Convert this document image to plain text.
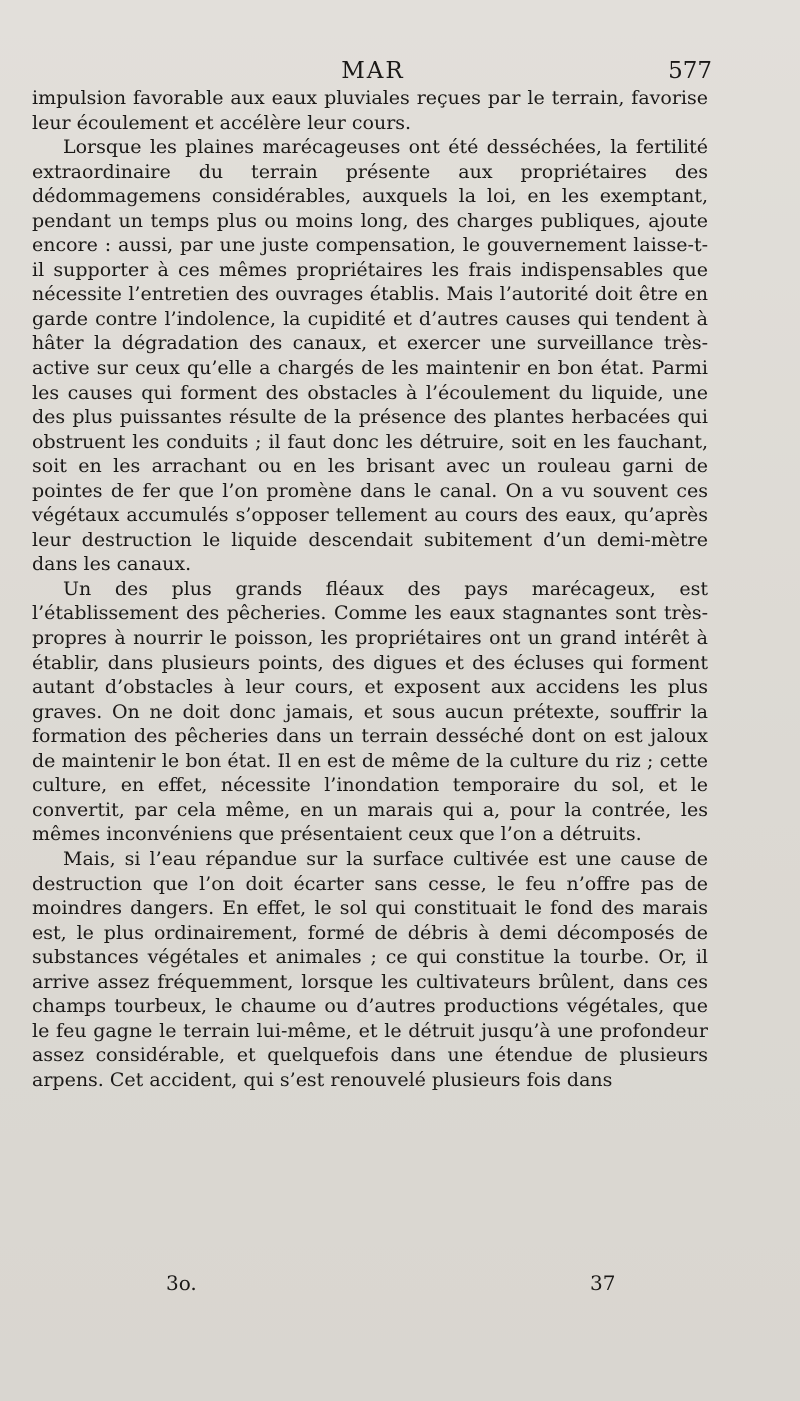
MAR	577

impulsion favorable aux eaux pluviales reçues par le terrain, favorise leur écoulement et accélère leur cours.

Lorsque les plaines marécageuses ont été desséchées, la fertilité extraordinaire du terrain présente aux propriétaires des dédommagemens considérables, auxquels la loi, en les exemptant, pendant un temps plus ou moins long, des charges publiques, ajoute encore : aussi, par une juste compensation, le gouvernement laisse-t-il supporter à ces mêmes propriétaires les frais indispensables que nécessite l’entretien des ouvrages établis. Mais l’autorité doit être en garde contre l’indolence, la cupidité et d’autres causes qui tendent à hâter la dégradation des canaux, et exercer une surveillance très-active sur ceux qu’elle a chargés de les maintenir en bon état. Parmi les causes qui forment des obstacles à l’écoulement du liquide, une des plus puissantes résulte de la présence des plantes herbacées qui obstruent les conduits ; il faut donc les détruire, soit en les fauchant, soit en les arrachant ou en les brisant avec un rouleau garni de pointes de fer que l’on promène dans le canal. On a vu souvent ces végétaux accumulés s’opposer tellement au cours des eaux, qu’après leur destruction le liquide descendait subitement d’un demi-mètre dans les canaux.

Un des plus grands fléaux des pays marécageux, est l’établissement des pêcheries. Comme les eaux stagnantes sont très-propres à nourrir le poisson, les propriétaires ont un grand intérêt à établir, dans plusieurs points, des digues et des écluses qui forment autant d’obstacles à leur cours, et exposent aux accidens les plus graves. On ne doit donc jamais, et sous aucun prétexte, souffrir la formation des pêcheries dans un terrain desséché dont on est jaloux de maintenir le bon état. Il en est de même de la culture du riz ; cette culture, en effet, nécessite l’inondation temporaire du sol, et le convertit, par cela même, en un marais qui a, pour la contrée, les mêmes inconvéniens que présentaient ceux que l’on a détruits.

Mais, si l’eau répandue sur la surface cultivée est une cause de destruction que l’on doit écarter sans cesse, le feu n’offre pas de moindres dangers. En effet, le sol qui constituait le fond des marais est, le plus ordinairement, formé de débris à demi décomposés de substances végétales et animales ; ce qui constitue la tourbe. Or, il arrive assez fréquemment, lorsque les cultivateurs brûlent, dans ces champs tourbeux, le chaume ou d’autres productions végétales, que le feu gagne le terrain lui-même, et le détruit jusqu’à une profondeur assez considérable, et quelquefois dans une étendue de plusieurs arpens. Cet accident, qui s’est renouvelé plusieurs fois dans

3o.	37
